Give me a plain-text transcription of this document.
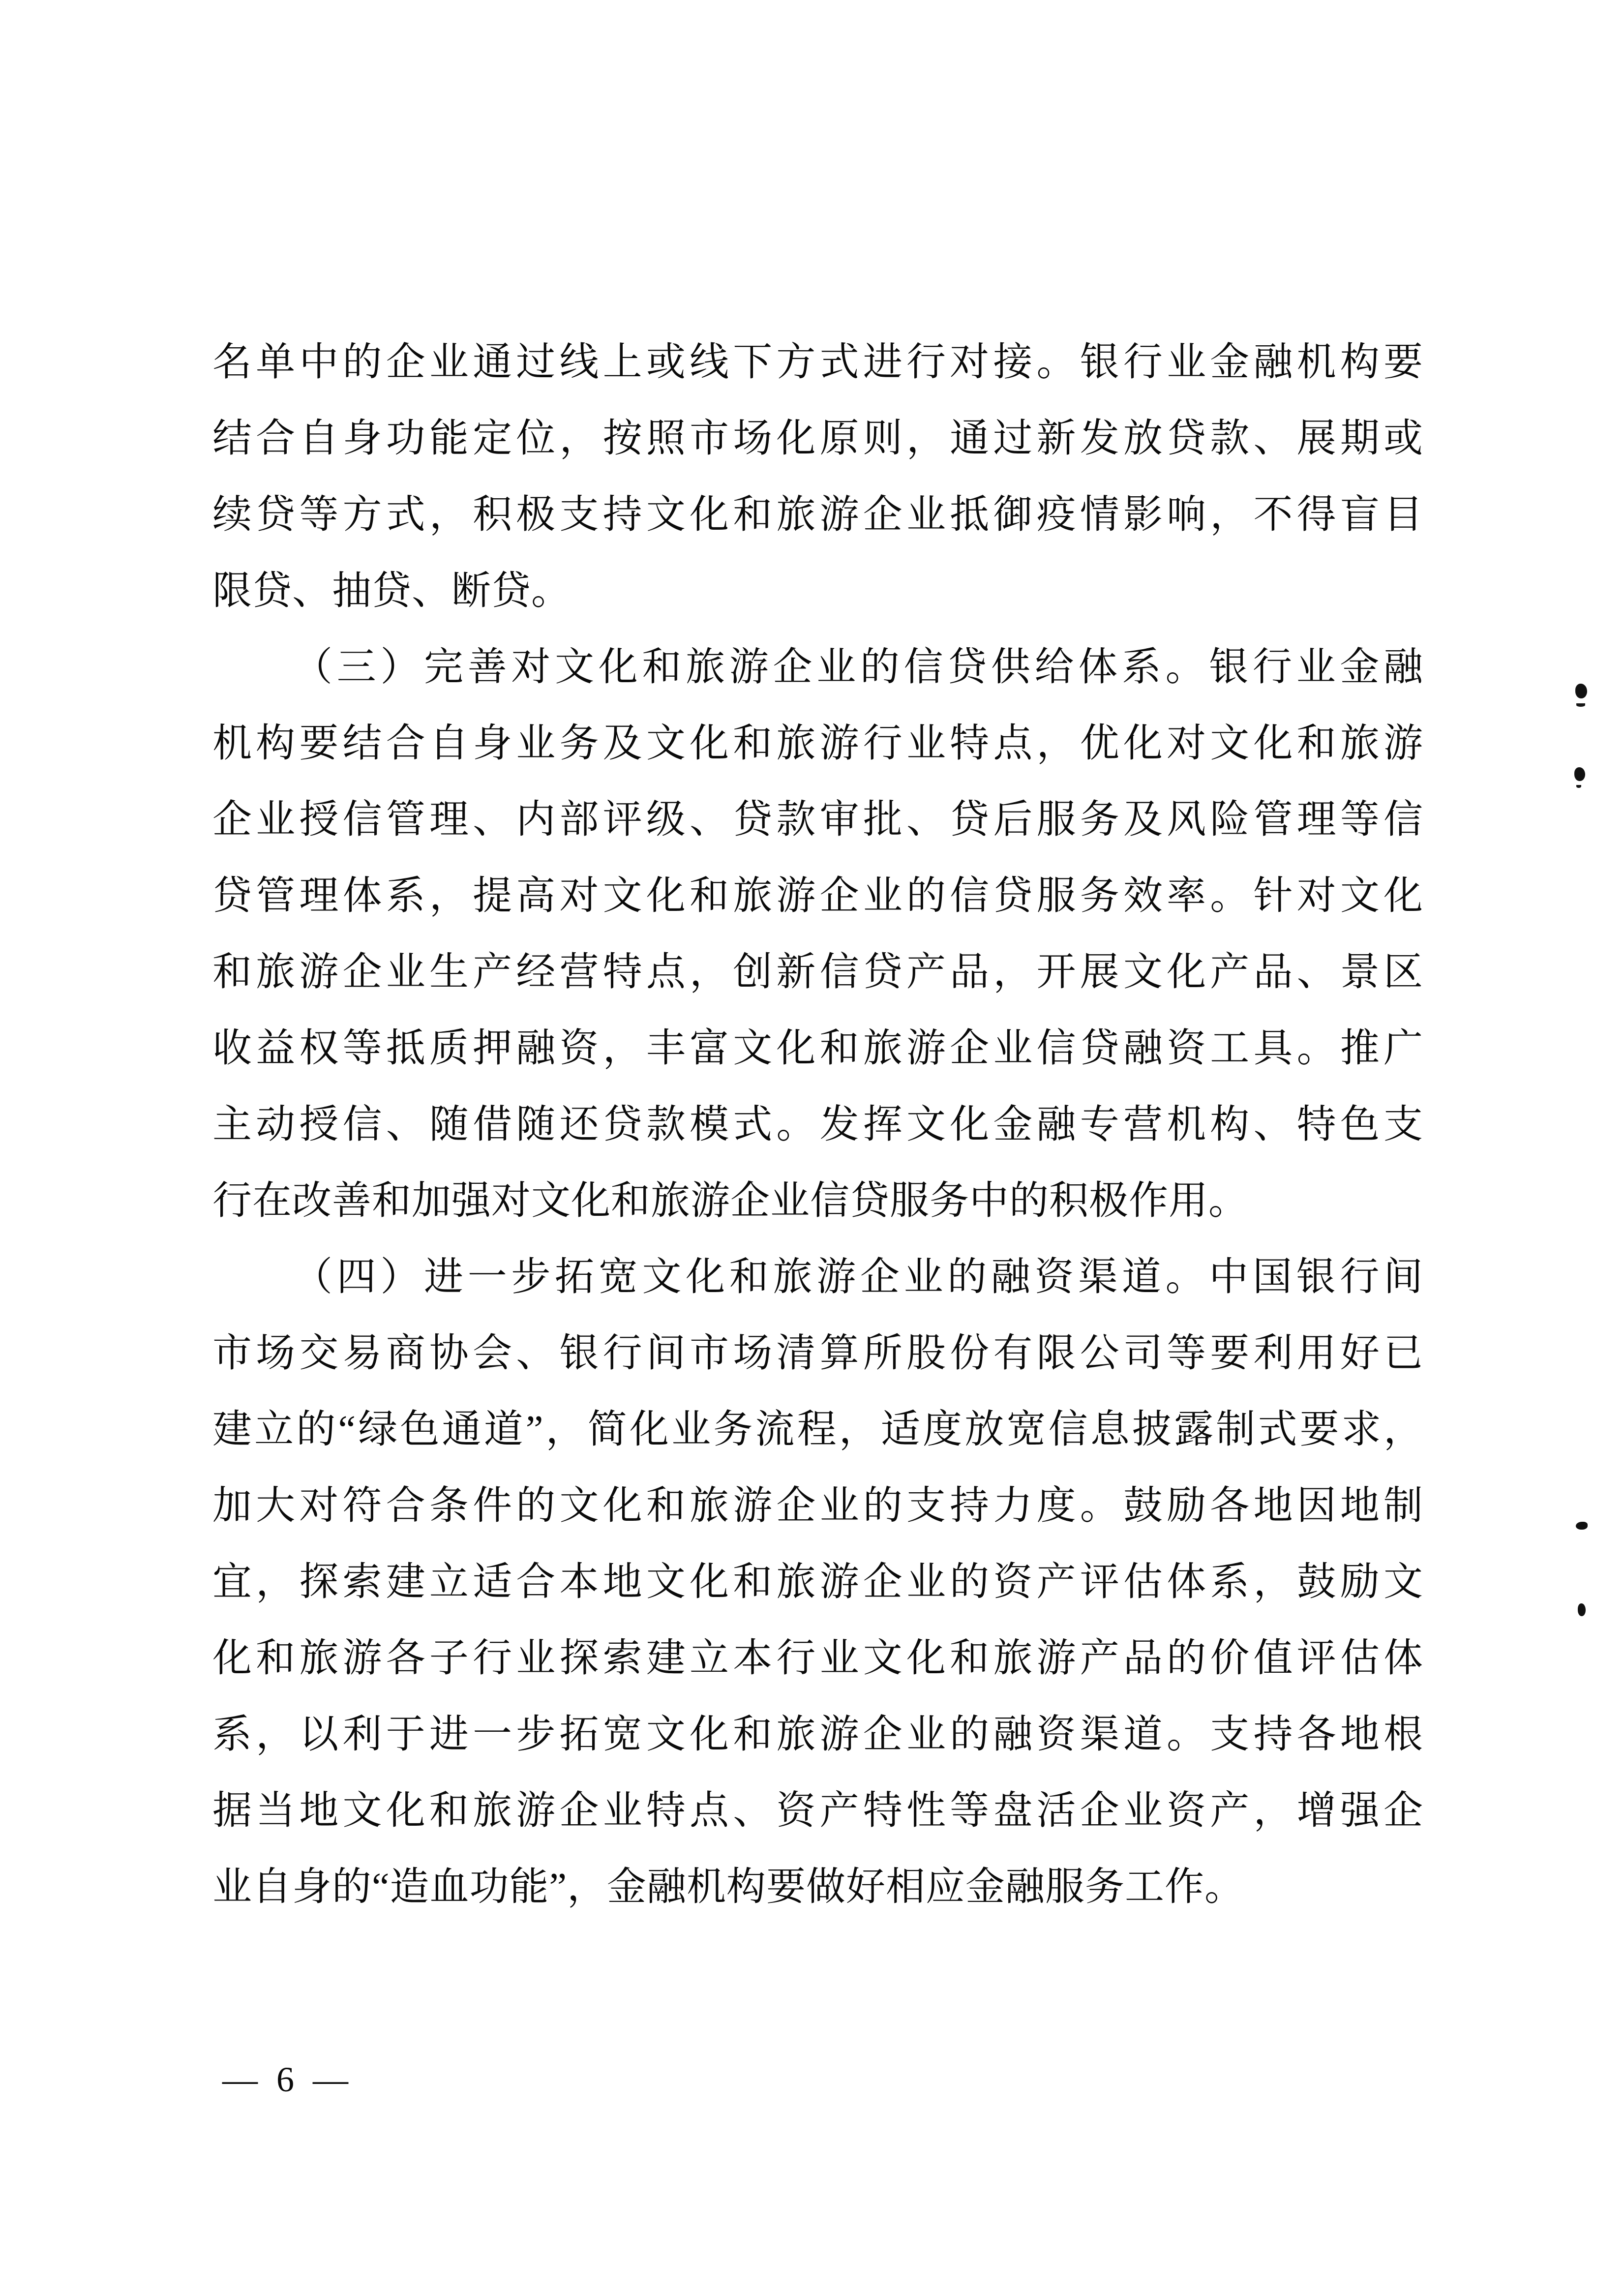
名单中的企业通过线上或线下方式进行对接。银行业金融机构要
结合自身功能定位，按照市场化原则，通过新发放贷款、展期或
续贷等方式，积极支持文化和旅游企业抵御疫情影响，不得盲目
限贷、抽贷、断贷。
（三）完善对文化和旅游企业的信贷供给体系。银行业金融
机构要结合自身业务及文化和旅游行业特点，优化对文化和旅游
企业授信管理、内部评级、贷款审批、贷后服务及风险管理等信
贷管理体系，提高对文化和旅游企业的信贷服务效率。针对文化
和旅游企业生产经营特点，创新信贷产品，开展文化产品、景区
收益权等抵质押融资，丰富文化和旅游企业信贷融资工具。推广
主动授信、随借随还贷款模式。发挥文化金融专营机构、特色支
行在改善和加强对文化和旅游企业信贷服务中的积极作用。
（四）进一步拓宽文化和旅游企业的融资渠道。中国银行间
市场交易商协会、银行间市场清算所股份有限公司等要利用好已
建立的“绿色通道”，简化业务流程，适度放宽信息披露制式要求，
加大对符合条件的文化和旅游企业的支持力度。鼓励各地因地制
宜，探索建立适合本地文化和旅游企业的资产评估体系，鼓励文
化和旅游各子行业探索建立本行业文化和旅游产品的价值评估体
系，以利于进一步拓宽文化和旅游企业的融资渠道。支持各地根
据当地文化和旅游企业特点、资产特性等盘活企业资产，增强企
业自身的“造血功能”，金融机构要做好相应金融服务工作。
— 6 —
